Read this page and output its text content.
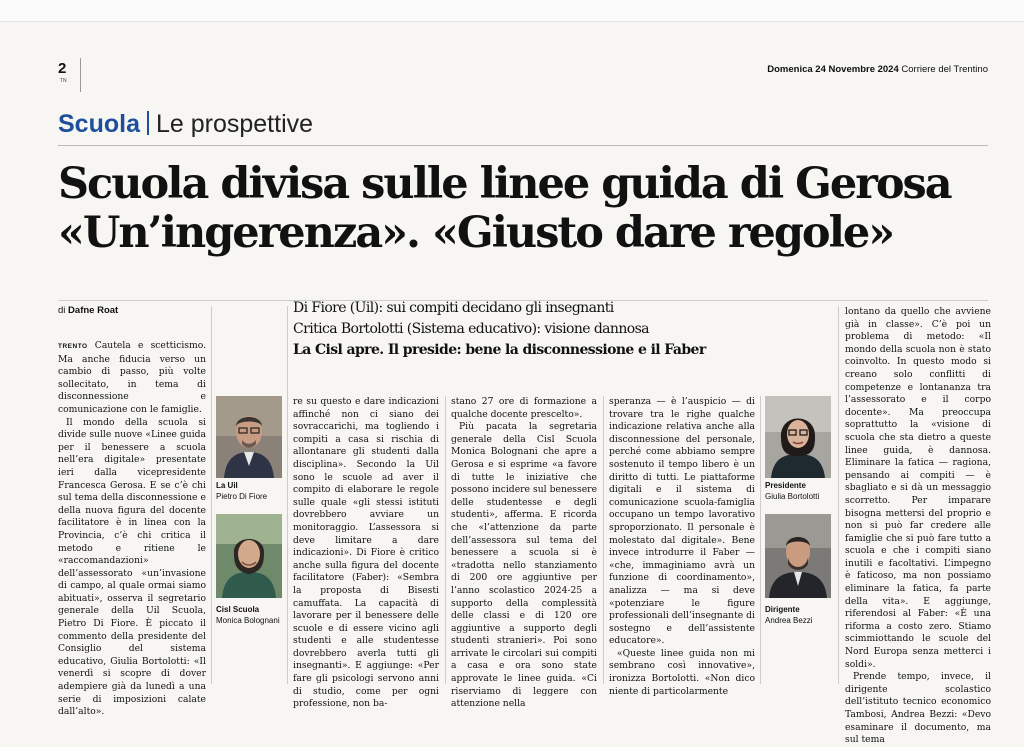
2
TN
Domenica 24 Novembre 2024 Corriere del Trentino
Scuola Le prospettive
Scuola divisa sulle linee guida di Gerosa
«Un’ingerenza». «Giusto dare regole»
di Dafne Roat	Di Fiore (Uil): sui compiti decidano gli insegnanti
Critica Bortolotti (Sistema educativo): visione dannosa
La Cisl apre. Il preside: bene la disconnessione e il Faber

TRENTO Cautela e scetticismo. Ma anche fiducia verso un cambio di passo, più volte sollecitato, in tema di disconnessione e comunicazione con le famiglie.

Il mondo della scuola si divide sulle nuove «Linee guida per il benessere a scuola nell’era digitale» presentate ieri dalla vicepresidente Francesca Gerosa. E se c’è chi sul tema della disconnessione e della nuova figura del docente facilitatore è in linea con la Provincia, c’è chi critica il metodo e ritiene le «raccomandazioni» dell’assessorato «un’invasione di campo, al quale ormai siamo abituati», osserva il segretario generale della Uil Scuola, Pietro Di Fiore. È piccato il commento della presidente del Consiglio del sistema educativo, Giulia Bortolotti: «Il venerdì si scopre di dover adempiere già da lunedì a una serie di imposizioni calate dall’alto».

La Uil
Pietro Di Fiore
Cisl Scuola
Monica Bolognani

re su questo e dare indicazioni affinché non ci siano dei sovraccarichi, ma togliendo i compiti a casa si rischia di allontanare gli studenti dalla disciplina». Secondo la Uil sono le scuole ad aver il compito di elaborare le regole sulle quale «gli stessi istituti dovrebbero avviare un monitoraggio. L’assessora si deve limitare a dare indicazioni». Di Fiore è critico anche sulla figura del docente facilitatore (Faber): «Sembra la proposta di Bisesti camuffata. La capacità di lavorare per il benessere delle scuole e di essere vicino agli studenti e alle studentesse dovrebbero averla tutti gli insegnanti». E aggiunge: «Per fare gli psicologi servono anni di studio, come per ogni professione, non ba-

stano 27 ore di formazione a qualche docente prescelto».

Più pacata la segretaria generale della Cisl Scuola Monica Bolognani che apre a Gerosa e si esprime «a favore di tutte le iniziative che possono incidere sul benessere delle studentesse e degli studenti», afferma. E ricorda che «l’attenzione da parte dell’assessora sul tema del benessere a scuola si è «tradotta nello stanziamento di 200 ore aggiuntive per l’anno scolastico 2024-25 a supporto della complessità delle classi e di 120 ore aggiuntive a supporto degli studenti stranieri». Poi sono arrivate le circolari sui compiti a casa e ora sono state approvate le linee guida. «Ci riserviamo di leggere con attenzione nella

speranza — è l’auspicio — di trovare tra le righe qualche indicazione relativa anche alla disconnessione del personale, perché come abbiamo sempre sostenuto il tempo libero è un diritto di tutti. Le piattaforme digitali e il sistema di comunicazione scuola-famiglia occupano un tempo lavorativo sproporzionato. Il personale è molestato dal digitale». Bene invece introdurre il Faber — «che, immaginiamo avrà un funzione di coordinamento», analizza — ma si deve «potenziare le figure professionali dell’insegnante di sostegno e dell’assistente educatore».

«Queste linee guida non mi sembrano così innovative», ironizza Bortolotti. «Non dico niente di particolarmente

Presidente
Giulia Bortolotti
Dirigente
Andrea Bezzi

lontano da quello che avviene già in classe». C’è poi un problema di metodo: «Il mondo della scuola non è stato coinvolto. In questo modo si creano solo conflitti di competenze e lontananza tra l’assessorato e il corpo docente». Ma preoccupa soprattutto la «visione di scuola che sta dietro a queste linee guida, è dannosa. Eliminare la fatica — ragiona, pensando ai compiti — è sbagliato e si dà un messaggio scorretto. Per imparare bisogna mettersi del proprio e non si può far credere alle famiglie che si può fare tutto a scuola e che i compiti siano inutili e facoltativi. L’impegno è faticoso, ma non possiamo eliminare la fatica, fa parte della vita». E aggiunge, riferendosi al Faber: «È una riforma a costo zero. Stiamo scimmiottando le scuole del Nord Europa senza metterci i soldi».

Prende tempo, invece, il dirigente scolastico dell’istituto tecnico economico Tambosi, Andrea Bezzi: «Devo esaminare il documento, ma sul tema
